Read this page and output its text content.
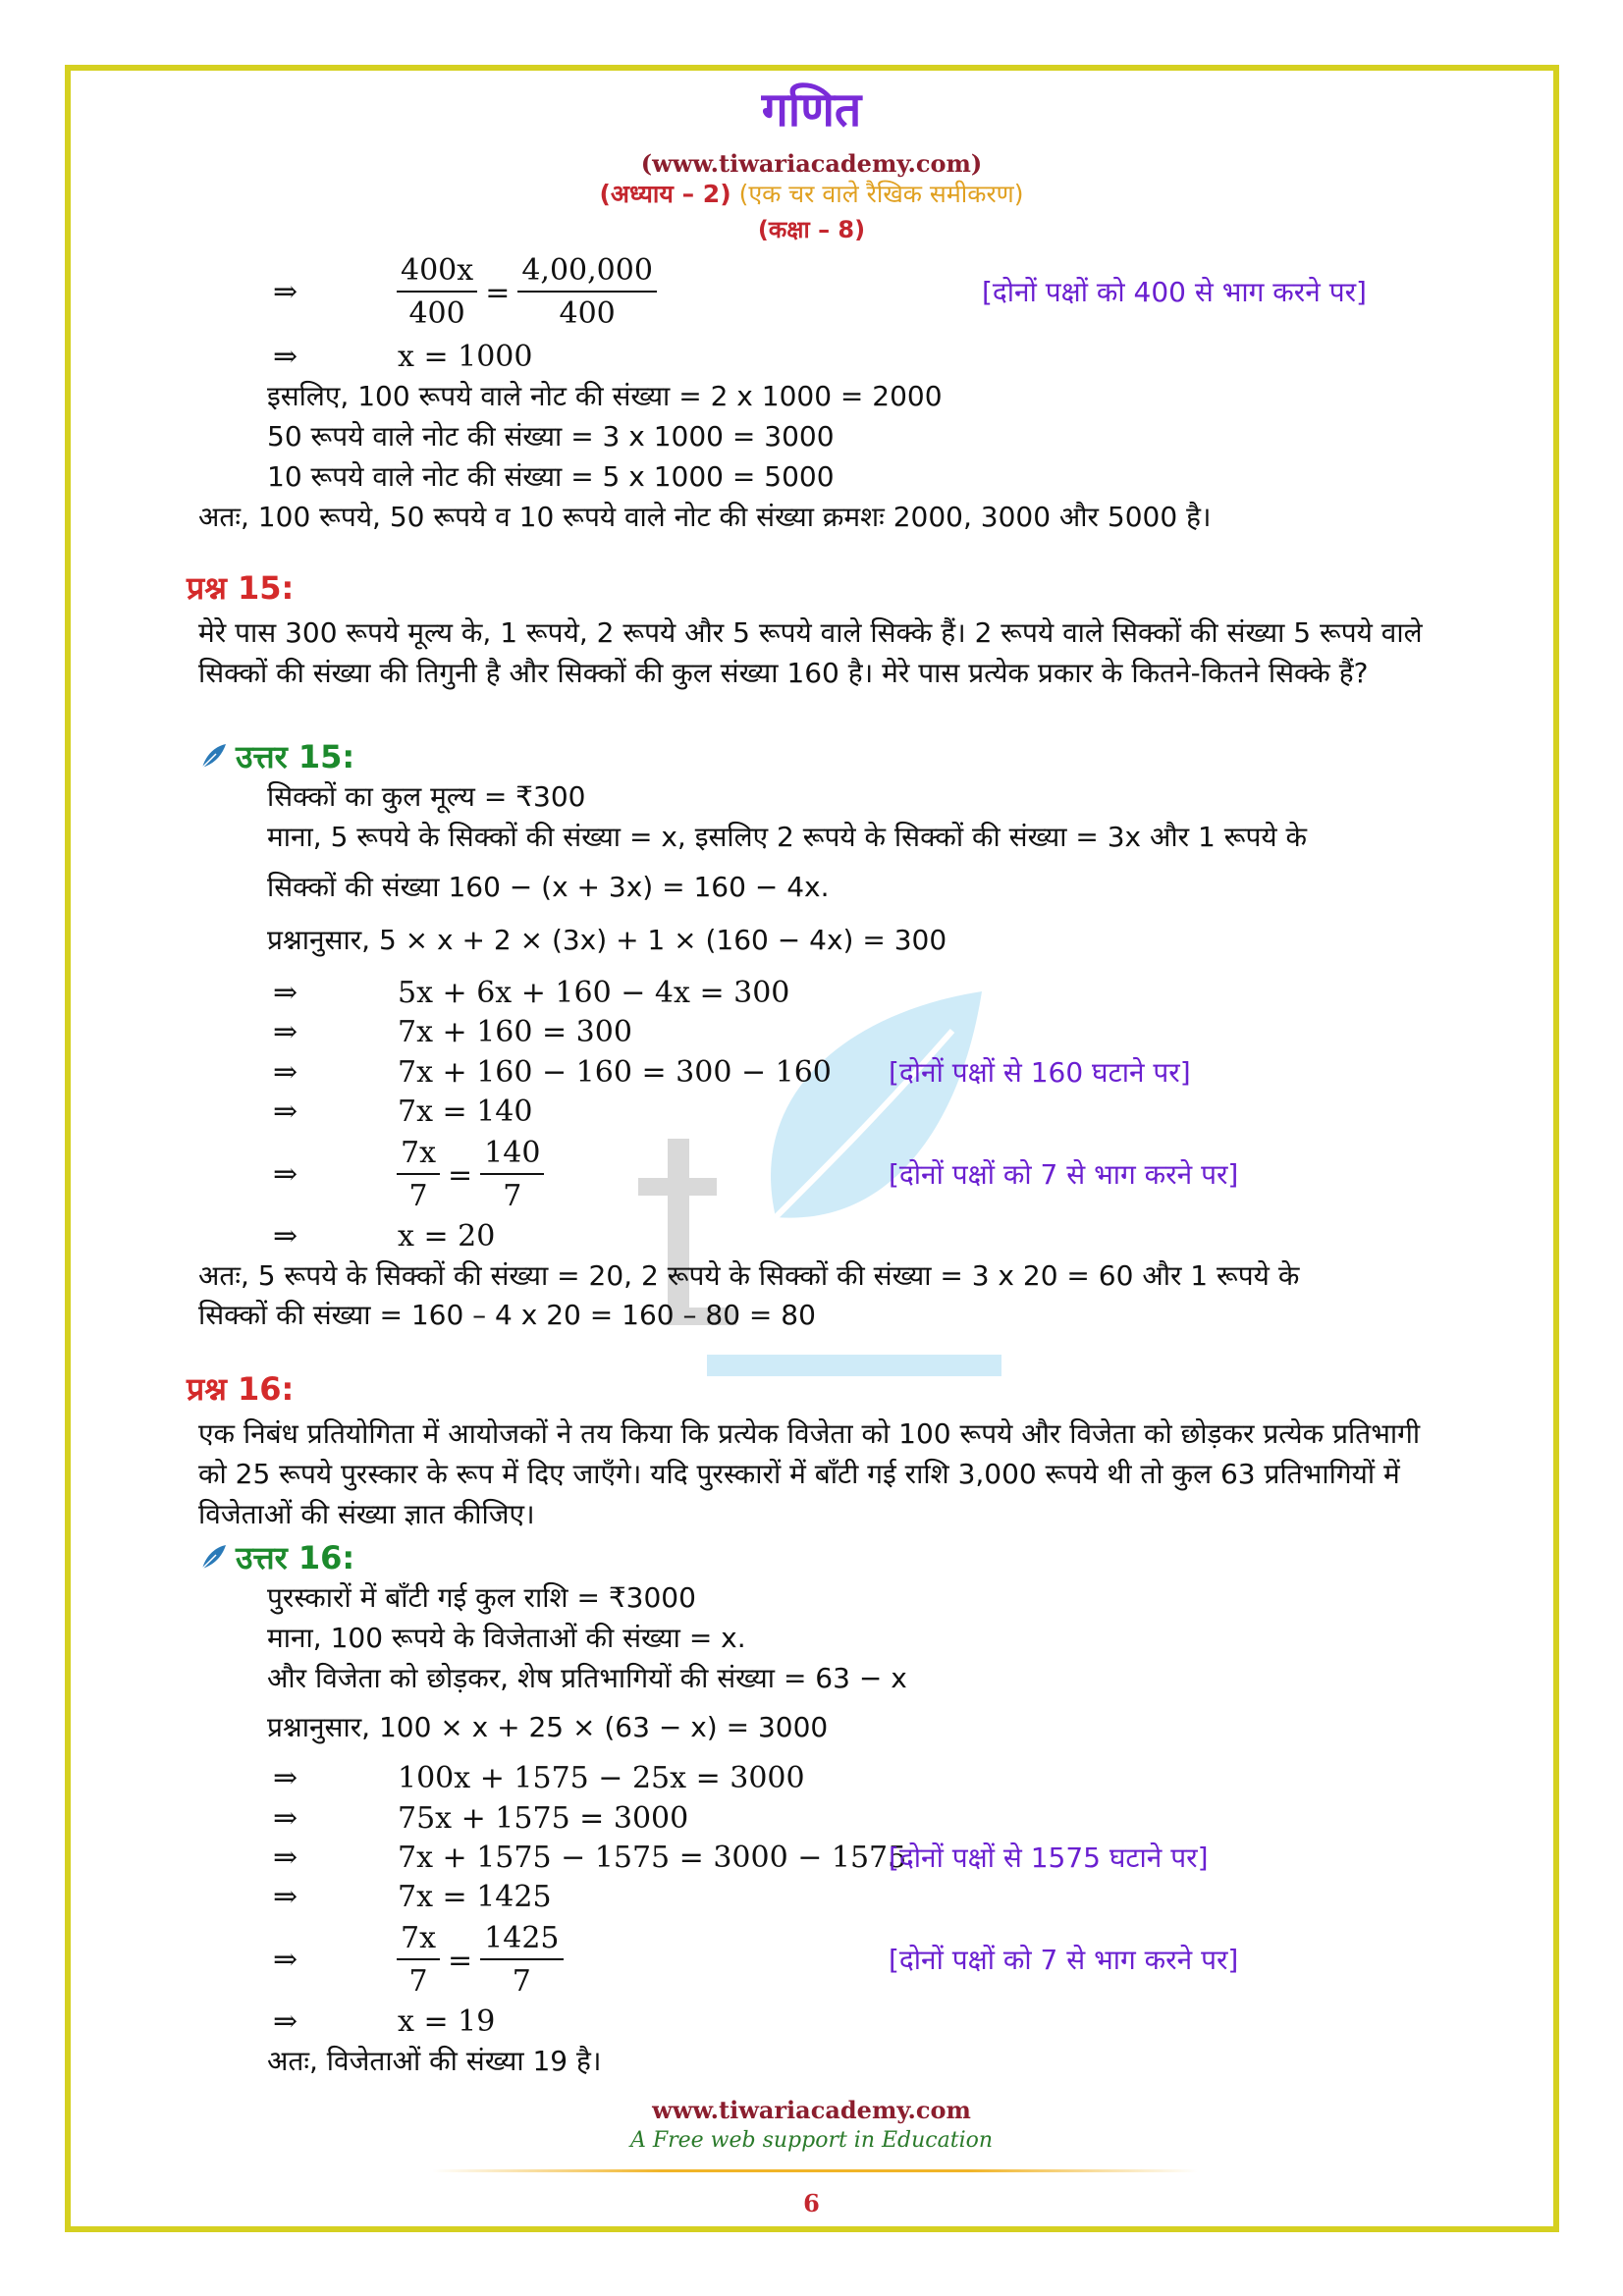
गणित
(www.tiwariacademy.com)
(अध्याय – 2) (एक चर वाले रैखिक समीकरण)
(कक्षा – 8)
⇒	$\frac{400x}{400} = \frac{4,00,000}{400}$	[दोनों पक्षों को 400 से भाग करने पर]
⇒	x = 1000
इसलिए, 100 रूपये वाले नोट की संख्या = 2 x 1000 = 2000
50 रूपये वाले नोट की संख्या = 3 x 1000 = 3000
10 रूपये वाले नोट की संख्या = 5 x 1000 = 5000
अतः, 100 रूपये, 50 रूपये व 10 रूपये वाले नोट की संख्या क्रमशः 2000, 3000 और 5000 है।
प्रश्न 15:
मेरे पास 300 रूपये मूल्य के, 1 रूपये, 2 रूपये और 5 रूपये वाले सिक्के हैं। 2 रूपये वाले सिक्कों की संख्या 5 रूपये वाले सिक्कों की संख्या की तिगुनी है और सिक्कों की कुल संख्या 160 है। मेरे पास प्रत्येक प्रकार के कितने-कितने सिक्के हैं?
उत्तर 15:
सिक्कों का कुल मूल्य = ₹300
माना, 5 रूपये के सिक्कों की संख्या = x, इसलिए 2 रूपये के सिक्कों की संख्या = 3x और 1 रूपये के
सिक्कों की संख्या 160 − (x + 3x) = 160 − 4x.
प्रश्नानुसार, 5 × x + 2 × (3x) + 1 × (160 − 4x) = 300
⇒	5x + 6x + 160 − 4x = 300
⇒	7x + 160 = 300
⇒	7x + 160 − 160 = 300 − 160 [दोनों पक्षों से 160 घटाने पर]
⇒	7x = 140
⇒	$\frac{7x}{7} = \frac{140}{7}$	[दोनों पक्षों को 7 से भाग करने पर]
⇒	x = 20
अतः, 5 रूपये के सिक्कों की संख्या = 20, 2 रूपये के सिक्कों की संख्या = 3 x 20 = 60 और 1 रूपये के
सिक्कों की संख्या = 160 – 4 x 20 = 160 – 80 = 80
प्रश्न 16:
एक निबंध प्रतियोगिता में आयोजकों ने तय किया कि प्रत्येक विजेता को 100 रूपये और विजेता को छोड़कर प्रत्येक प्रतिभागी को 25 रूपये पुरस्कार के रूप में दिए जाएँगे। यदि पुरस्कारों में बाँटी गई राशि 3,000 रूपये थी तो कुल 63 प्रतिभागियों में विजेताओं की संख्या ज्ञात कीजिए।
उत्तर 16:
पुरस्कारों में बाँटी गई कुल राशि = ₹3000
माना, 100 रूपये के विजेताओं की संख्या = x.
और विजेता को छोड़कर, शेष प्रतिभागियों की संख्या = 63 − x
प्रश्नानुसार, 100 × x + 25 × (63 − x) = 3000
⇒	100x + 1575 − 25x = 3000
⇒	75x + 1575 = 3000
⇒	7x + 1575 − 1575 = 3000 − 1575
[दोनों पक्षों से 1575 घटाने पर]
⇒	7x = 1425
⇒	$\frac{7x}{7} = \frac{1425}{7}$	[दोनों पक्षों को 7 से भाग करने पर]
⇒	x = 19
अतः, विजेताओं की संख्या 19 है।
www.tiwariacademy.com
A Free web support in Education
6
